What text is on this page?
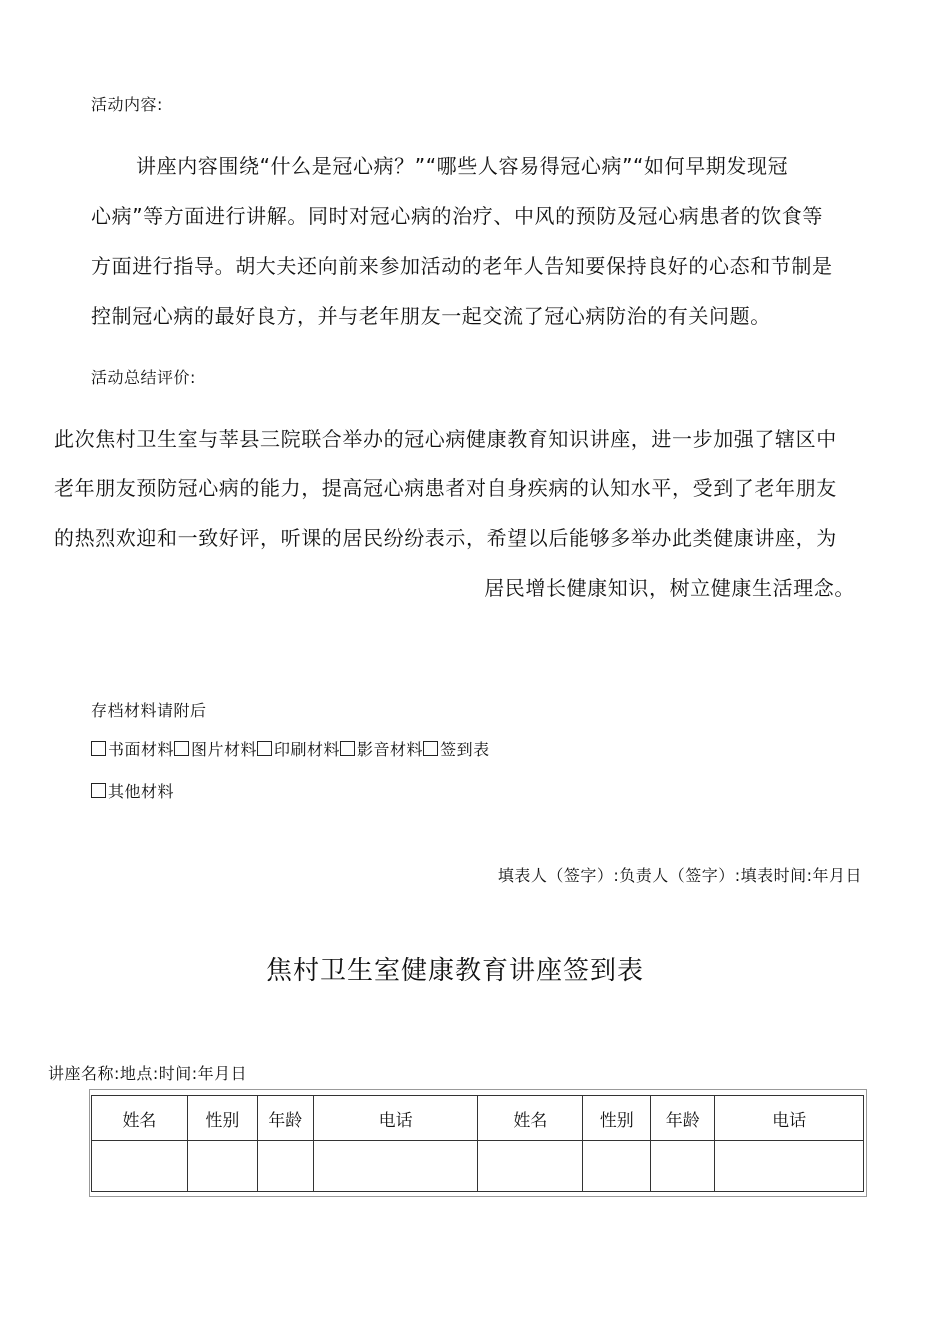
活动内容:
讲座内容围绕“什么是冠心病？”“哪些人容易得冠心病”“如何早期发现冠
心病”等方面进行讲解。同时对冠心病的治疗、中风的预防及冠心病患者的饮食等
方面进行指导。胡大夫还向前来参加活动的老年人告知要保持良好的心态和节制是
控制冠心病的最好良方，并与老年朋友一起交流了冠心病防治的有关问题。
活动总结评价:
此次焦村卫生室与莘县三院联合举办的冠心病健康教育知识讲座，进一步加强了辖区中
老年朋友预防冠心病的能力，提高冠心病患者对自身疾病的认知水平，受到了老年朋友
的热烈欢迎和一致好评，听课的居民纷纷表示，希望以后能够多举办此类健康讲座，为
居民增长健康知识，树立健康生活理念。
存档材料请附后
书面材料 图片材料 印刷材料 影音材料 签到表
其他材料
填表人（签字）:负责人（签字）:填表时间:年月日
焦村卫生室健康教育讲座签到表
讲座名称:地点:时间:年月日
姓名	性别	年龄	电话	姓名	性别	年龄	电话
